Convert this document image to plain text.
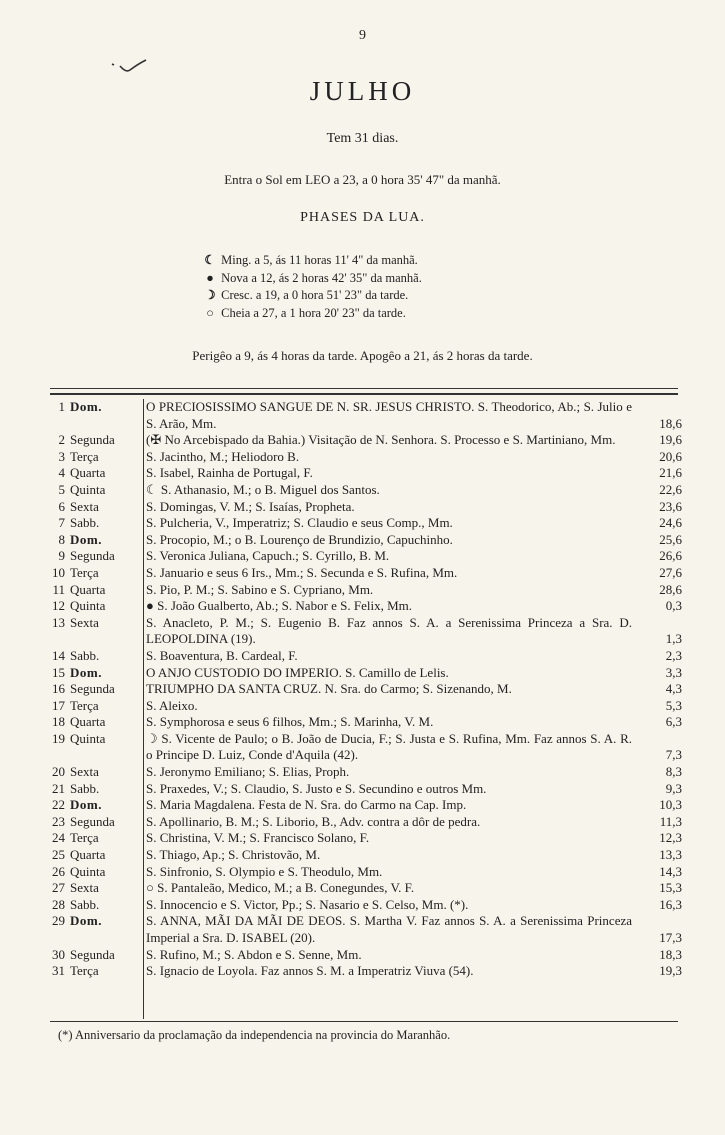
9
JULHO
Tem 31 dias.
Entra o Sol em LEO a 23, a 0 hora 35' 47" da manhã.
PHASES DA LUA.
☾ Ming. a 5, ás 11 horas 11' 4" da manhã.
● Nova a 12, ás 2 horas 42' 35" da manhã.
☽ Cresc. a 19, a 0 hora 51' 23" da tarde.
○ Cheia a 27, a 1 hora 20' 23" da tarde.
Perigêo a 9, ás 4 horas da tarde. Apogêo a 21, ás 2 horas da tarde.
1 Dom.	O PRECIOSISSIMO SANGUE DE N. SR. JESUS CHRISTO. S. Theodorico, Ab.; S. Julio e S. Arão, Mm.	18,6
2 Segunda	(✠ No Arcebispado da Bahia.) Visitação de N. Senhora. S. Processo e S. Martiniano, Mm.	19,6
3 Terça	S. Jacintho, M.; Heliodoro B.	20,6
4 Quarta	S. Isabel, Rainha de Portugal, F.	21,6
5 Quinta	☾ S. Athanasio, M.; o B. Miguel dos Santos.	22,6
6 Sexta	S. Domingas, V. M.; S. Isaías, Propheta.	23,6
7 Sabb.	S. Pulcheria, V., Imperatriz; S. Claudio e seus Comp., Mm.	24,6
8 Dom.	S. Procopio, M.; o B. Lourenço de Brundizio, Capuchinho.	25,6
9 Segunda	S. Veronica Juliana, Capuch.; S. Cyrillo, B. M.	26,6
10 Terça	S. Januario e seus 6 Irs., Mm.; S. Secunda e S. Rufina, Mm.	27,6
11 Quarta	S. Pio, P. M.; S. Sabino e S. Cypriano, Mm.	28,6
12 Quinta	● S. João Gualberto, Ab.; S. Nabor e S. Felix, Mm.	0,3
13 Sexta	S. Anacleto, P. M.; S. Eugenio B. Faz annos S. A. a Serenissima Princeza a Sra. D. LEOPOLDINA (19).	1,3
14 Sabb.	S. Boaventura, B. Cardeal, F.	2,3
15 Dom.	O ANJO CUSTODIO DO IMPERIO. S. Camillo de Lelis.	3,3
16 Segunda	TRIUMPHO DA SANTA CRUZ. N. Sra. do Carmo; S. Sizenando, M.	4,3
17 Terça	S. Aleixo.	5,3
18 Quarta	S. Symphorosa e seus 6 filhos, Mm.; S. Marinha, V. M.	6,3
19 Quinta	☽ S. Vicente de Paulo; o B. João de Ducia, F.; S. Justa e S. Rufina, Mm. Faz annos S. A. R. o Principe D. Luiz, Conde d'Aquila (42).	7,3
20 Sexta	S. Jeronymo Emiliano; S. Elias, Proph.	8,3
21 Sabb.	S. Praxedes, V.; S. Claudio, S. Justo e S. Secundino e outros Mm.	9,3
22 Dom.	S. Maria Magdalena. Festa de N. Sra. do Carmo na Cap. Imp.	10,3
23 Segunda	S. Apollinario, B. M.; S. Liborio, B., Adv. contra a dôr de pedra.	11,3
24 Terça	S. Christina, V. M.; S. Francisco Solano, F.	12,3
25 Quarta	S. Thiago, Ap.; S. Christovão, M.	13,3
26 Quinta	S. Sinfronio, S. Olympio e S. Theodulo, Mm.	14,3
27 Sexta	○ S. Pantaleão, Medico, M.; a B. Conegundes, V. F.	15,3
28 Sabb.	S. Innocencio e S. Victor, Pp.; S. Nasario e S. Celso, Mm. (*).	16,3
29 Dom.	S. ANNA, MÃI DA MÃI DE DEOS. S. Martha V. Faz annos S. A. a Serenissima Princeza Imperial a Sra. D. ISABEL (20).	17,3
30 Segunda	S. Rufino, M.; S. Abdon e S. Senne, Mm.	18,3
31 Terça	S. Ignacio de Loyola. Faz annos S. M. a Imperatriz Viuva (54).	19,3
(*) Anniversario da proclamação da independencia na provincia do Maranhão.
